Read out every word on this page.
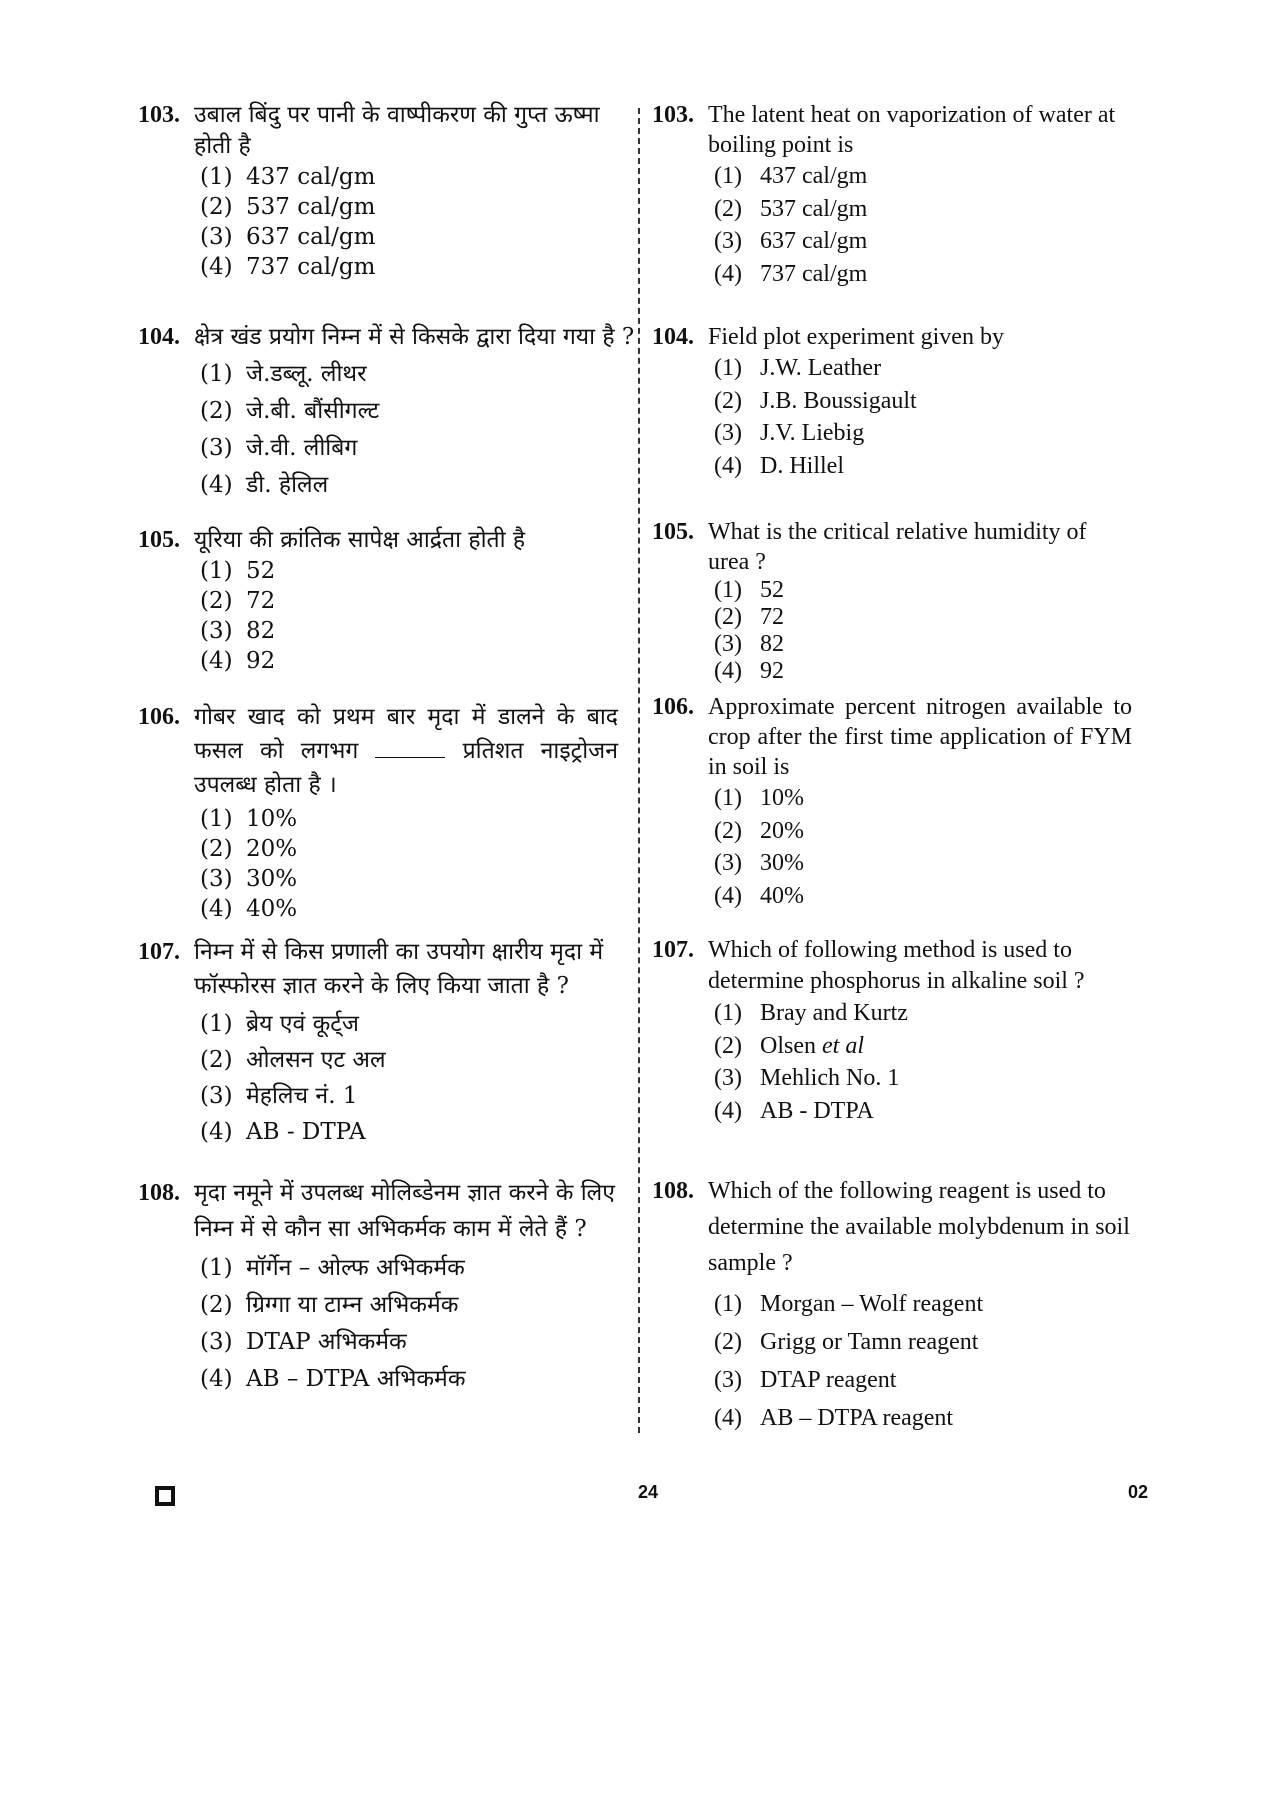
103. उबाल बिंदु पर पानी के वाष्पीकरण की गुप्त ऊष्मा होती है
(1) 437 cal/gm
(2) 537 cal/gm
(3) 637 cal/gm
(4) 737 cal/gm
104. क्षेत्र खंड प्रयोग निम्न में से किसके द्वारा दिया गया है ?
(1) जे.डब्लू. लीथर
(2) जे.बी. बौंसीगल्ट
(3) जे.वी. लीबिग
(4) डी. हेलिल
105. यूरिया की क्रांतिक सापेक्ष आर्द्रता होती है
(1) 52
(2) 72
(3) 82
(4) 92
106. गोबर खाद को प्रथम बार मृदा में डालने के बाद फसल को लगभग	प्रतिशत नाइट्रोजन उपलब्ध होता है ।
(1) 10%
(2) 20%
(3) 30%
(4) 40%
107. निम्न में से किस प्रणाली का उपयोग क्षारीय मृदा में फॉस्फोरस ज्ञात करने के लिए किया जाता है ?
(1) ब्रेय एवं कूर्ट्ज
(2) ओलसन एट अल
(3) मेहलिच नं. 1
(4) AB - DTPA
108. मृदा नमूने में उपलब्ध मोलिब्डेनम ज्ञात करने के लिए निम्न में से कौन सा अभिकर्मक काम में लेते हैं ?
(1) मॉर्गेन – ओल्फ अभिकर्मक
(2) ग्रिग्गा या टाम्न अभिकर्मक
(3) DTAP अभिकर्मक
(4) AB – DTPA अभिकर्मक
103. The latent heat on vaporization of water at boiling point is
(1) 437 cal/gm
(2) 537 cal/gm
(3) 637 cal/gm
(4) 737 cal/gm
104. Field plot experiment given by
(1) J.W. Leather
(2) J.B. Boussigault
(3) J.V. Liebig
(4) D. Hillel
105. What is the critical relative humidity of urea ?
(1) 52
(2) 72
(3) 82
(4) 92
106. Approximate percent nitrogen available to crop after the first time application of FYM in soil is
(1) 10%
(2) 20%
(3) 30%
(4) 40%
107. Which of following method is used to determine phosphorus in alkaline soil ?
(1) Bray and Kurtz
(2) Olsen et al
(3) Mehlich No. 1
(4) AB - DTPA
108. Which of the following reagent is used to determine the available molybdenum in soil sample ?
(1) Morgan – Wolf reagent
(2) Grigg or Tamn reagent
(3) DTAP reagent
(4) AB – DTPA reagent
24	02
